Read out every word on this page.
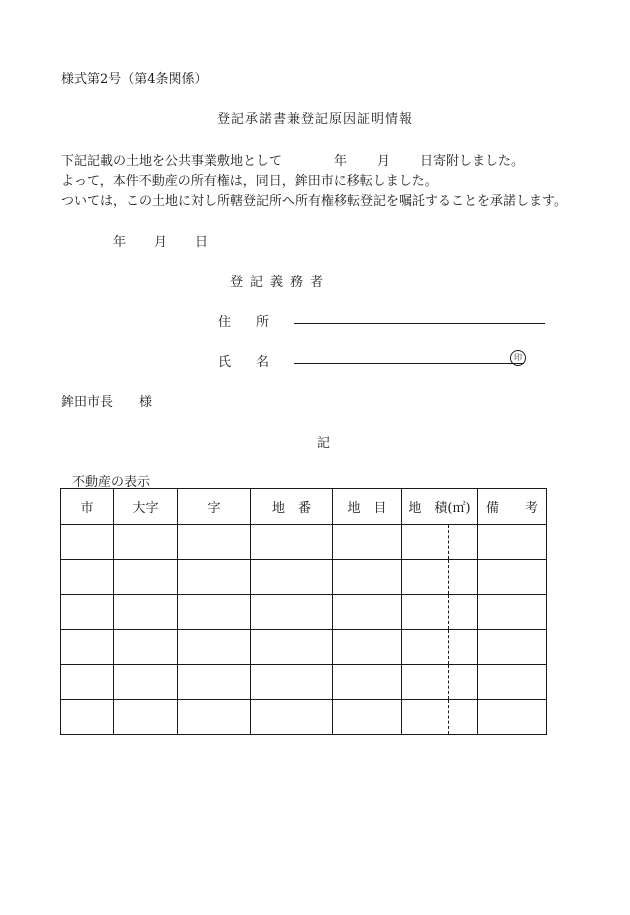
様式第2号（第4条関係）
登記承諾書兼登記原因証明情報
下記記載の土地を公共事業敷地として	年 月 日寄附しました。
よって，本件不動産の所有権は，同日，鉾田市に移転しました。
ついては，この土地に対し所轄登記所へ所有権移転登記を嘱託することを承諾します。
年 月 日
登記義務者
住 所
氏 名	印
鉾田市長 様
記
不動産の表示
市	大字	字	地　番	地　目	地　積(㎡)	備　　考
